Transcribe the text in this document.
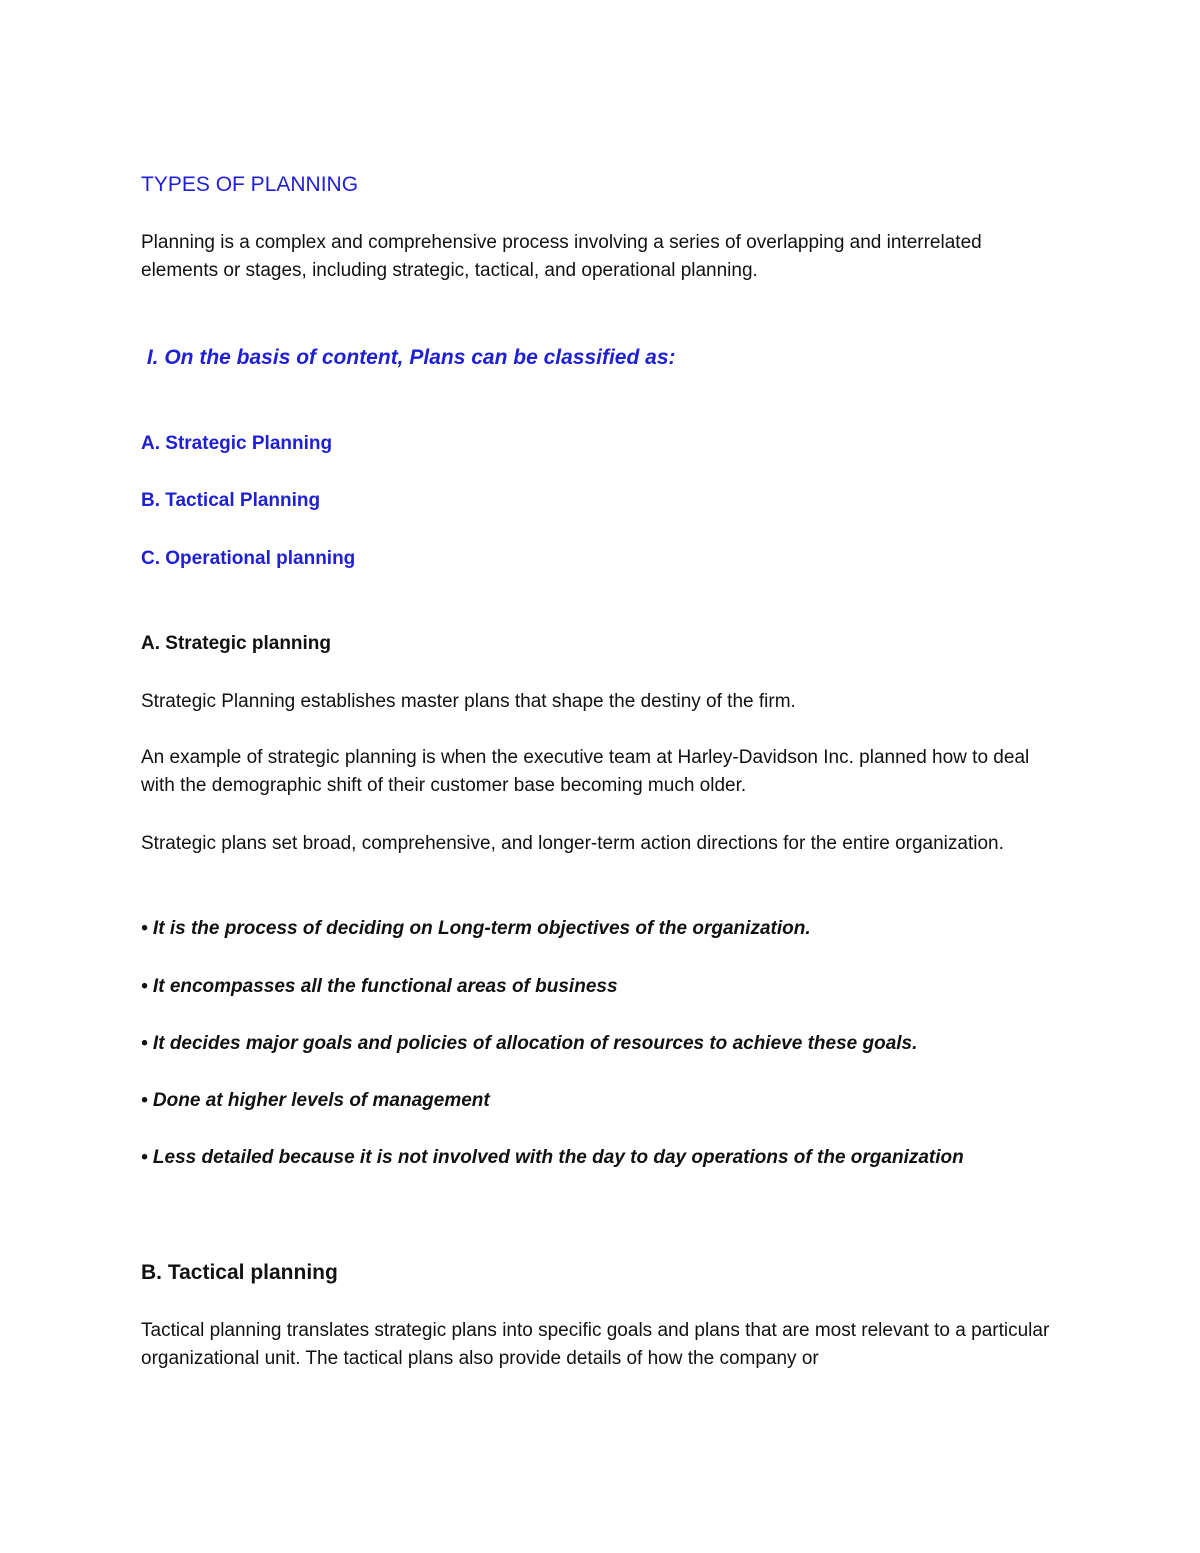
TYPES OF PLANNING

Planning is a complex and comprehensive process involving a series of overlapping and interrelated elements or stages, including strategic, tactical, and operational planning.

I. On the basis of content, Plans can be classified as:

A. Strategic Planning

B. Tactical Planning

C. Operational planning

A. Strategic planning

Strategic Planning establishes master plans that shape the destiny of the firm.

An example of strategic planning is when the executive team at Harley-Davidson Inc. planned how to deal with the demographic shift of their customer base becoming much older.

Strategic plans set broad, comprehensive, and longer-term action directions for the entire organization.

• It is the process of deciding on Long-term objectives of the organization.

• It encompasses all the functional areas of business

• It decides major goals and policies of allocation of resources to achieve these goals.

• Done at higher levels of management

• Less detailed because it is not involved with the day to day operations of the organization

B. Tactical planning

Tactical planning translates strategic plans into specific goals and plans that are most relevant to a particular organizational unit. The tactical plans also provide details of how the company or
